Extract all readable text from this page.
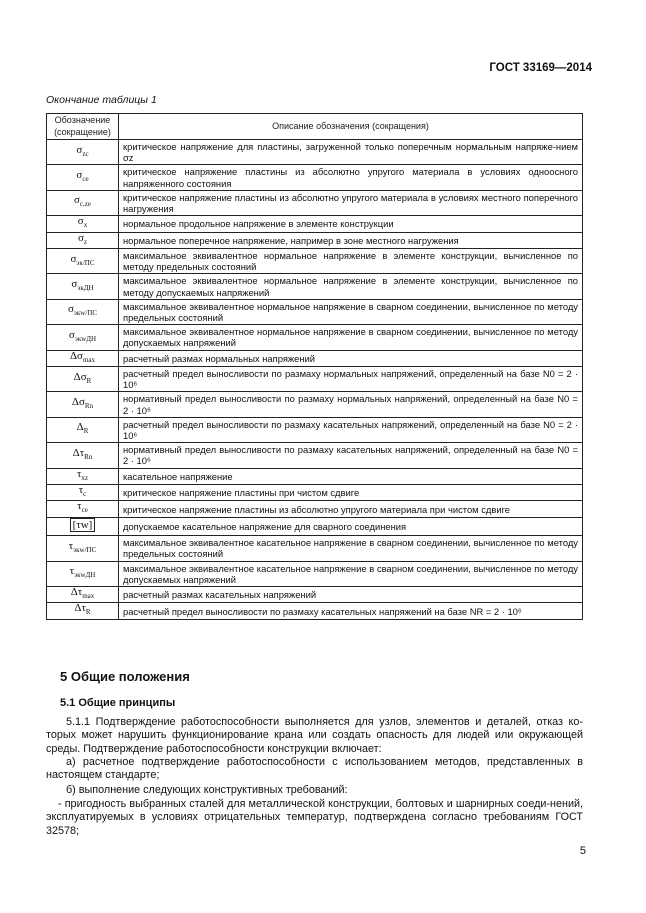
ГОСТ 33169—2014
Окончание таблицы 1
Обозначение (сокращение)	Описание обозначения (сокращения)
$\sigma_{zc}$	критическое напряжение для пластины, загруженной только поперечным нормальным напряже-нием σz
$\sigma_{ce}$	критическое напряжение пластины из абсолютно упругого материала в условиях одноосного напряженного состояния
$\sigma_{c,ze}$	критическое напряжение пластины из абсолютно упругого материала в условиях местного поперечного нагружения
$\sigma_x$	нормальное продольное напряжение в элементе конструкции
$\sigma_z$	нормальное поперечное напряжение, например в зоне местного нагружения
$\sigma_{эк/ПС}$	максимальное эквивалентное нормальное напряжение в элементе конструкции, вычисленное по методу предельных состояний
$\sigma_{экДН}$	максимальное эквивалентное нормальное напряжение в элементе конструкции, вычисленное по методу допускаемых напряжений
$\sigma_{экw/ПС}$	максимальное эквивалентное нормальное напряжение в сварном соединении, вычисленное по методу предельных состояний
$\sigma_{экwДН}$	максимальное эквивалентное нормальное напряжение в сварном соединении, вычисленное по методу допускаемых напряжений
$\Delta\sigma_{max}$	расчетный размах нормальных напряжений
$\Delta\sigma_R$	расчетный предел выносливости по размаху нормальных напряжений, определенный на базе N0 = 2 · 10⁶
$\Delta\sigma_{Rn}$	нормативный предел выносливости по размаху нормальных напряжений, определенный на базе N0 = 2 · 10⁶
$\Delta_R$	расчетный предел выносливости по размаху касательных напряжений, определенный на базе N0 = 2 · 10⁶
$\Delta\tau_{Rn}$	нормативный предел выносливости по размаху касательных напряжений, определенный на базе N0 = 2 · 10⁶
$\tau_{xz}$	касательное напряжение
$\tau_c$	критическое напряжение пластины при чистом сдвиге
$\tau_{ce}$	критическое напряжение пластины из абсолютно упругого материала при чистом сдвиге
[τw]	допускаемое касательное напряжение для сварного соединения
$\tau_{экw/ПС}$	максимальное эквивалентное касательное напряжение в сварном соединении, вычисленное по методу предельных состояний
$\tau_{экwДН}$	максимальное эквивалентное касательное напряжение в сварном соединении, вычисленное по методу допускаемых напряжений
$\Delta\tau_{max}$	расчетный размах касательных напряжений
$\Delta\tau_R$	расчетный предел выносливости по размаху касательных напряжений на базе NR = 2 · 10⁶
5 Общие положения
5.1 Общие принципы
5.1.1 Подтверждение работоспособности выполняется для узлов, элементов и деталей, отказ ко-торых может нарушить функционирование крана или создать опасность для людей или окружающей среды. Подтверждение работоспособности конструкции включает:
а) расчетное подтверждение работоспособности с использованием методов, представленных в настоящем стандарте;
б) выполнение следующих конструктивных требований:
- пригодность выбранных сталей для металлической конструкции, болтовых и шарнирных соеди-нений, эксплуатируемых в условиях отрицательных температур, подтверждена согласно требованиям ГОСТ 32578;
5
